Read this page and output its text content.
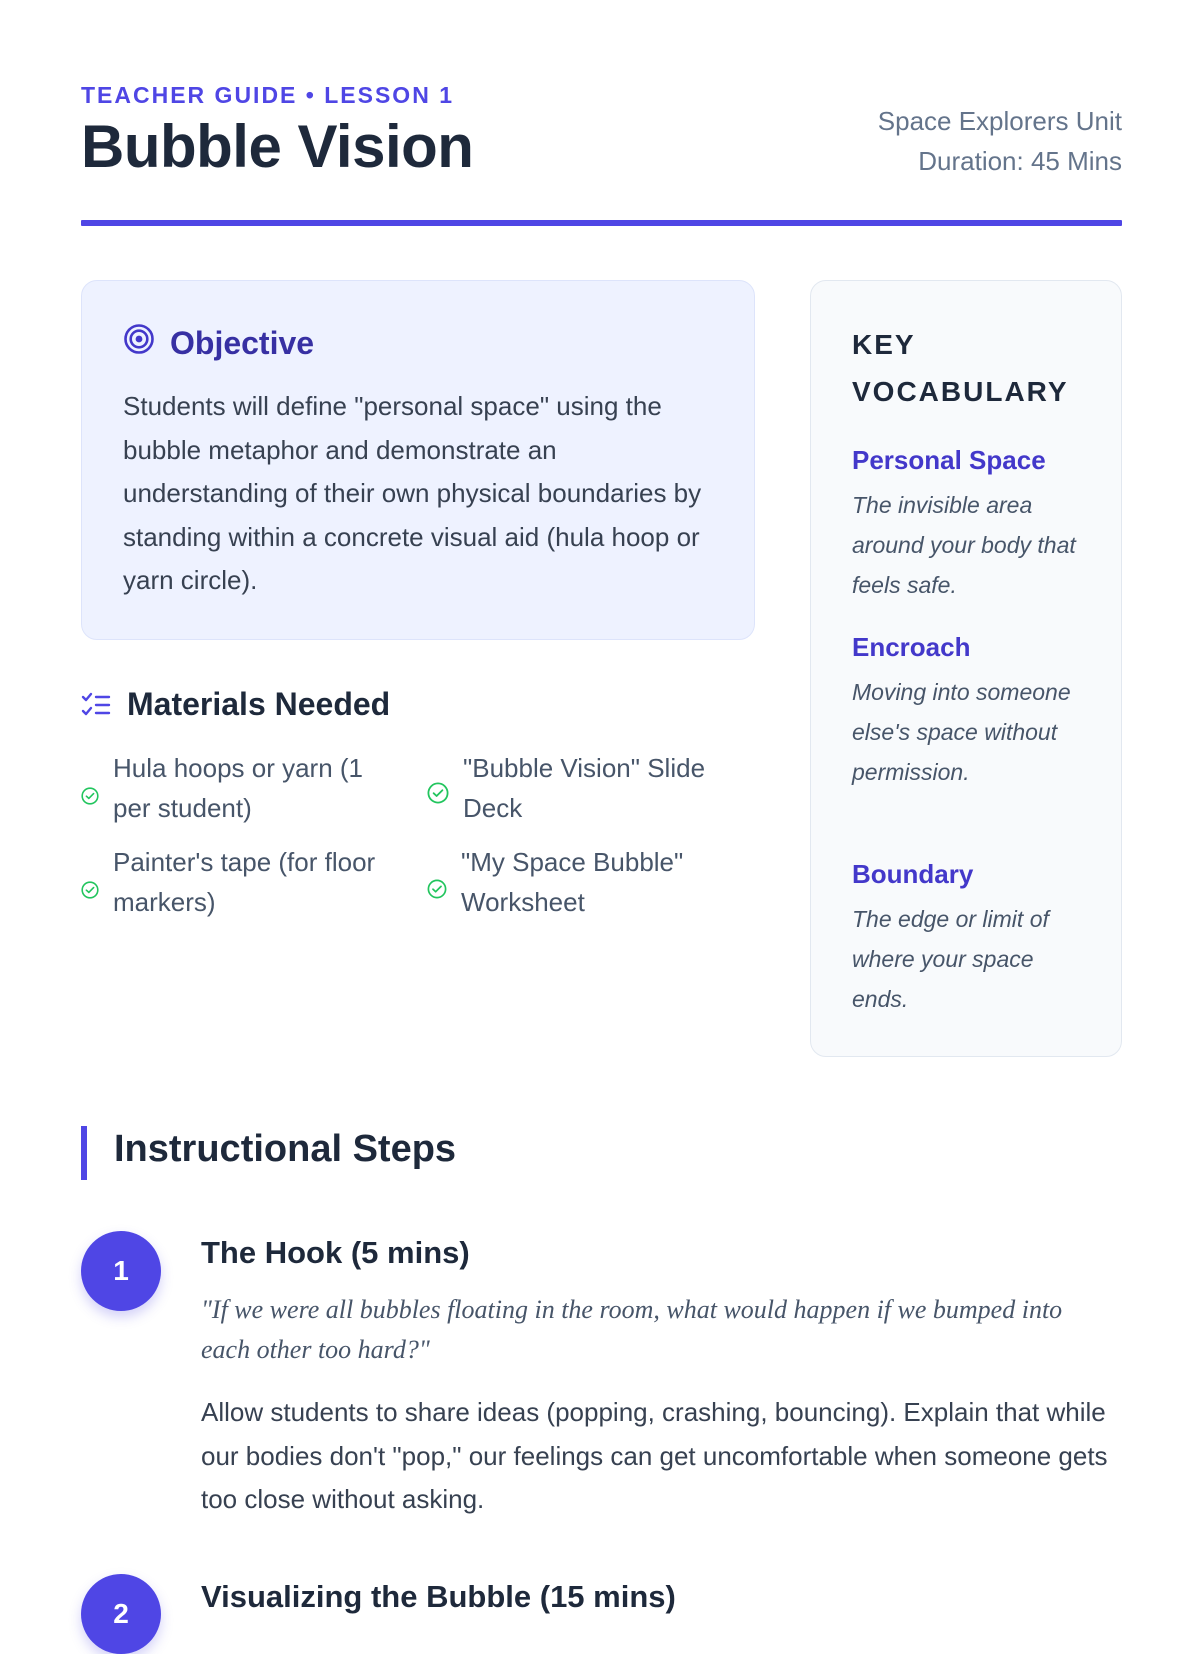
TEACHER GUIDE • LESSON 1
Bubble Vision	Space Explorers Unit
Duration: 45 Mins
Objective

Students will define "personal space" using the bubble metaphor and demonstrate an understanding of their own physical boundaries by standing within a concrete visual aid (hula hoop or yarn circle).

Materials Needed
Hula hoops or yarn (1
per student)
"Bubble Vision" Slide
Deck
Painter's tape (for floor
markers)
"My Space Bubble"
Worksheet
KEY VOCABULARY
Personal Space

The invisible area around your body that feels safe.

Encroach

Moving into someone else's space without permission.

Boundary

The edge or limit of where your space ends.

Instructional Steps
1
The Hook (5 mins)

"If we were all bubbles floating in the room, what would happen if we bumped into each other too hard?"

Allow students to share ideas (popping, crashing, bouncing). Explain that while our bodies don't "pop," our feelings can get uncomfortable when someone gets too close without asking.

2	Visualizing the Bubble (15 mins)
